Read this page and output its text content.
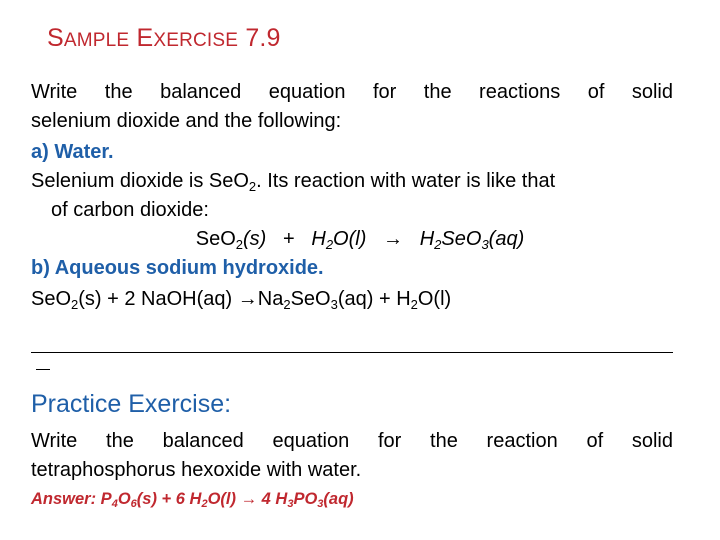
SAMPLE EXERCISE 7.9
Write the balanced equation for the reactions of solid
selenium dioxide and the following:
a) Water.
Selenium dioxide is SeO$_2$. Its reaction with water is like that
of carbon dioxide:
$SeO_2(s) + H_2O(l) \to H_2SeO_3(aq)$
b) Aqueous sodium hydroxide.
SeO$_2$(s) + 2 NaOH(aq) $\to Na_2SeO_3(aq) + H_2O(l)$
Practice Exercise:
Write the balanced equation for the reaction of solid
tetraphosphorus hexoxide with water.
Answer: $P_4O_6(s) + 6$ $H_2O(l) \to 4$ $H_3PO_3(aq)$
